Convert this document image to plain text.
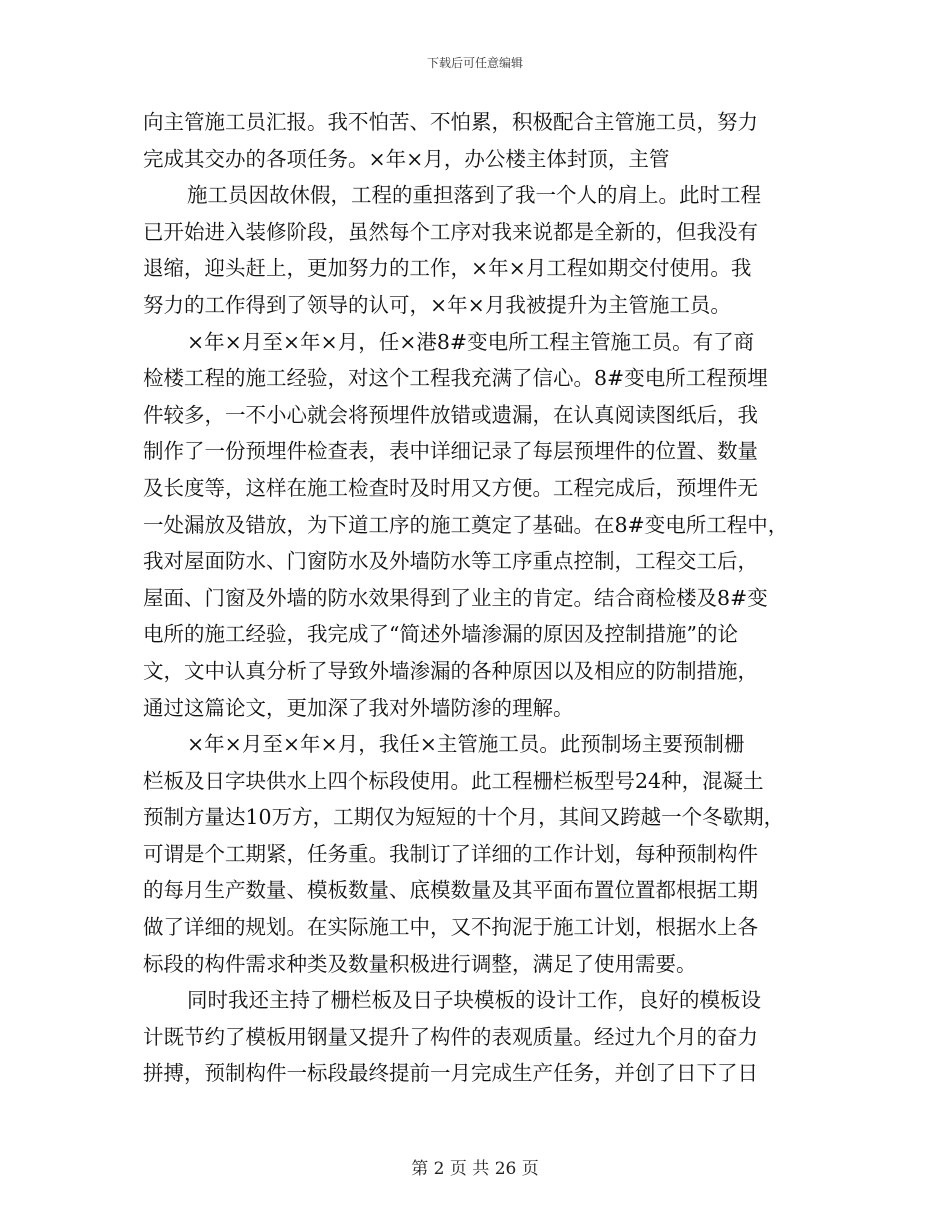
下载后可任意编辑
向主管施工员汇报。我不怕苦、不怕累，积极配合主管施工员，努力
完成其交办的各项任务。×年×月，办公楼主体封顶，主管
施工员因故休假，工程的重担落到了我一个人的肩上。此时工程
已开始进入装修阶段，虽然每个工序对我来说都是全新的，但我没有
退缩，迎头赶上，更加努力的工作，×年×月工程如期交付使用。我
努力的工作得到了领导的认可，×年×月我被提升为主管施工员。
×年×月至×年×月，任×港8#变电所工程主管施工员。有了商
检楼工程的施工经验，对这个工程我充满了信心。8#变电所工程预埋
件较多，一不小心就会将预埋件放错或遗漏，在认真阅读图纸后，我
制作了一份预埋件检查表，表中详细记录了每层预埋件的位置、数量
及长度等，这样在施工检查时及时用又方便。工程完成后，预埋件无
一处漏放及错放，为下道工序的施工奠定了基础。在8#变电所工程中，
我对屋面防水、门窗防水及外墙防水等工序重点控制，工程交工后，
屋面、门窗及外墙的防水效果得到了业主的肯定。结合商检楼及8#变
电所的施工经验，我完成了“简述外墙渗漏的原因及控制措施”的论
文，文中认真分析了导致外墙渗漏的各种原因以及相应的防制措施，
通过这篇论文，更加深了我对外墙防渗的理解。
×年×月至×年×月，我任×主管施工员。此预制场主要预制栅
栏板及日字块供水上四个标段使用。此工程栅栏板型号24种，混凝土
预制方量达10万方，工期仅为短短的十个月，其间又跨越一个冬歇期，
可谓是个工期紧，任务重。我制订了详细的工作计划，每种预制构件
的每月生产数量、模板数量、底模数量及其平面布置位置都根据工期
做了详细的规划。在实际施工中，又不拘泥于施工计划，根据水上各
标段的构件需求种类及数量积极进行调整，满足了使用需要。
同时我还主持了栅栏板及日子块模板的设计工作，良好的模板设
计既节约了模板用钢量又提升了构件的表观质量。经过九个月的奋力
拼搏，预制构件一标段最终提前一月完成生产任务，并创了日下了日
第 2 页 共 26 页
